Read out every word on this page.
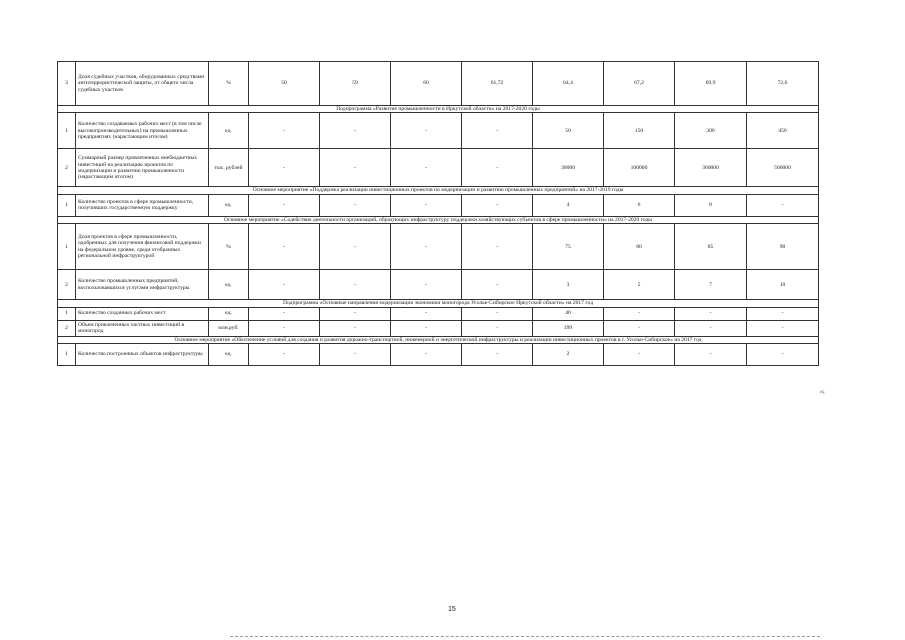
3	Доля судебных участков, оборудованных средствами антитеррористической защиты, от общего числа судебных участков	%	50	59	60	61,72	64,4	67,2	69,9	72,6
Подпрограмма «Развитие промышленности в Иркутской области» на 2017-2020 годы										
1	Количество создаваемых рабочих мест (в том числе высокопроизводительных) на промышленных предприятиях (нарастающим итогом)	ед.	-	-	-	-	50	150	300	450
2	Суммарный размер привлеченных внебюджетных инвестиций на реализацию проектов по модернизации и развитию промышленности (нарастающим итогом)	тыс. рублей	-	-	-	-	30000	100000	360000	500000
Основное мероприятие «Поддержка реализации инвестиционных проектов по модернизации и развитию промышленных предприятий» на 2017-2019 годы										
1	Количество проектов в сфере промышленности, получивших государственную поддержку	ед.	-	-	-	-	4	6	8	-
Основное мероприятие «Содействие деятельности организаций, образующих инфраструктуру поддержки хозяйствующих субъектов в сфере промышленности» на 2017-2020 годы										
1	Доля проектов в сфере промышленности, одобренных для получения финансовой поддержки на федеральном уровне, среди отобранных региональной инфраструктурой	%	-	-	-	-	75	80	85	90
2	Количество промышленных предприятий, воспользовавшихся услугами инфраструктуры	ед.	-	-	-	-	3	5	7	10
Подпрограмма «Основные направления модернизации экономики моногорода Усолье-Сибирское Иркутской области» на 2017 год										
1	Количество созданных рабочих мест	ед.	-	-	-	-	40	-	-	-
2	Объем привлеченных частных инвестиций в моногород	млн.руб.	-	-	-	-	399	-	-	-
Основное мероприятие «Обеспечение условий для создания и развития дорожно-транспортной, инженерной и энергетической инфраструктуры и реализации инвестиционных проектов в г. Усолье-Сибирское» на 2017 год										
1	Количество построенных объектов инфраструктуры	ед.	-	-	-	-	2	-	-	-
»;
15
